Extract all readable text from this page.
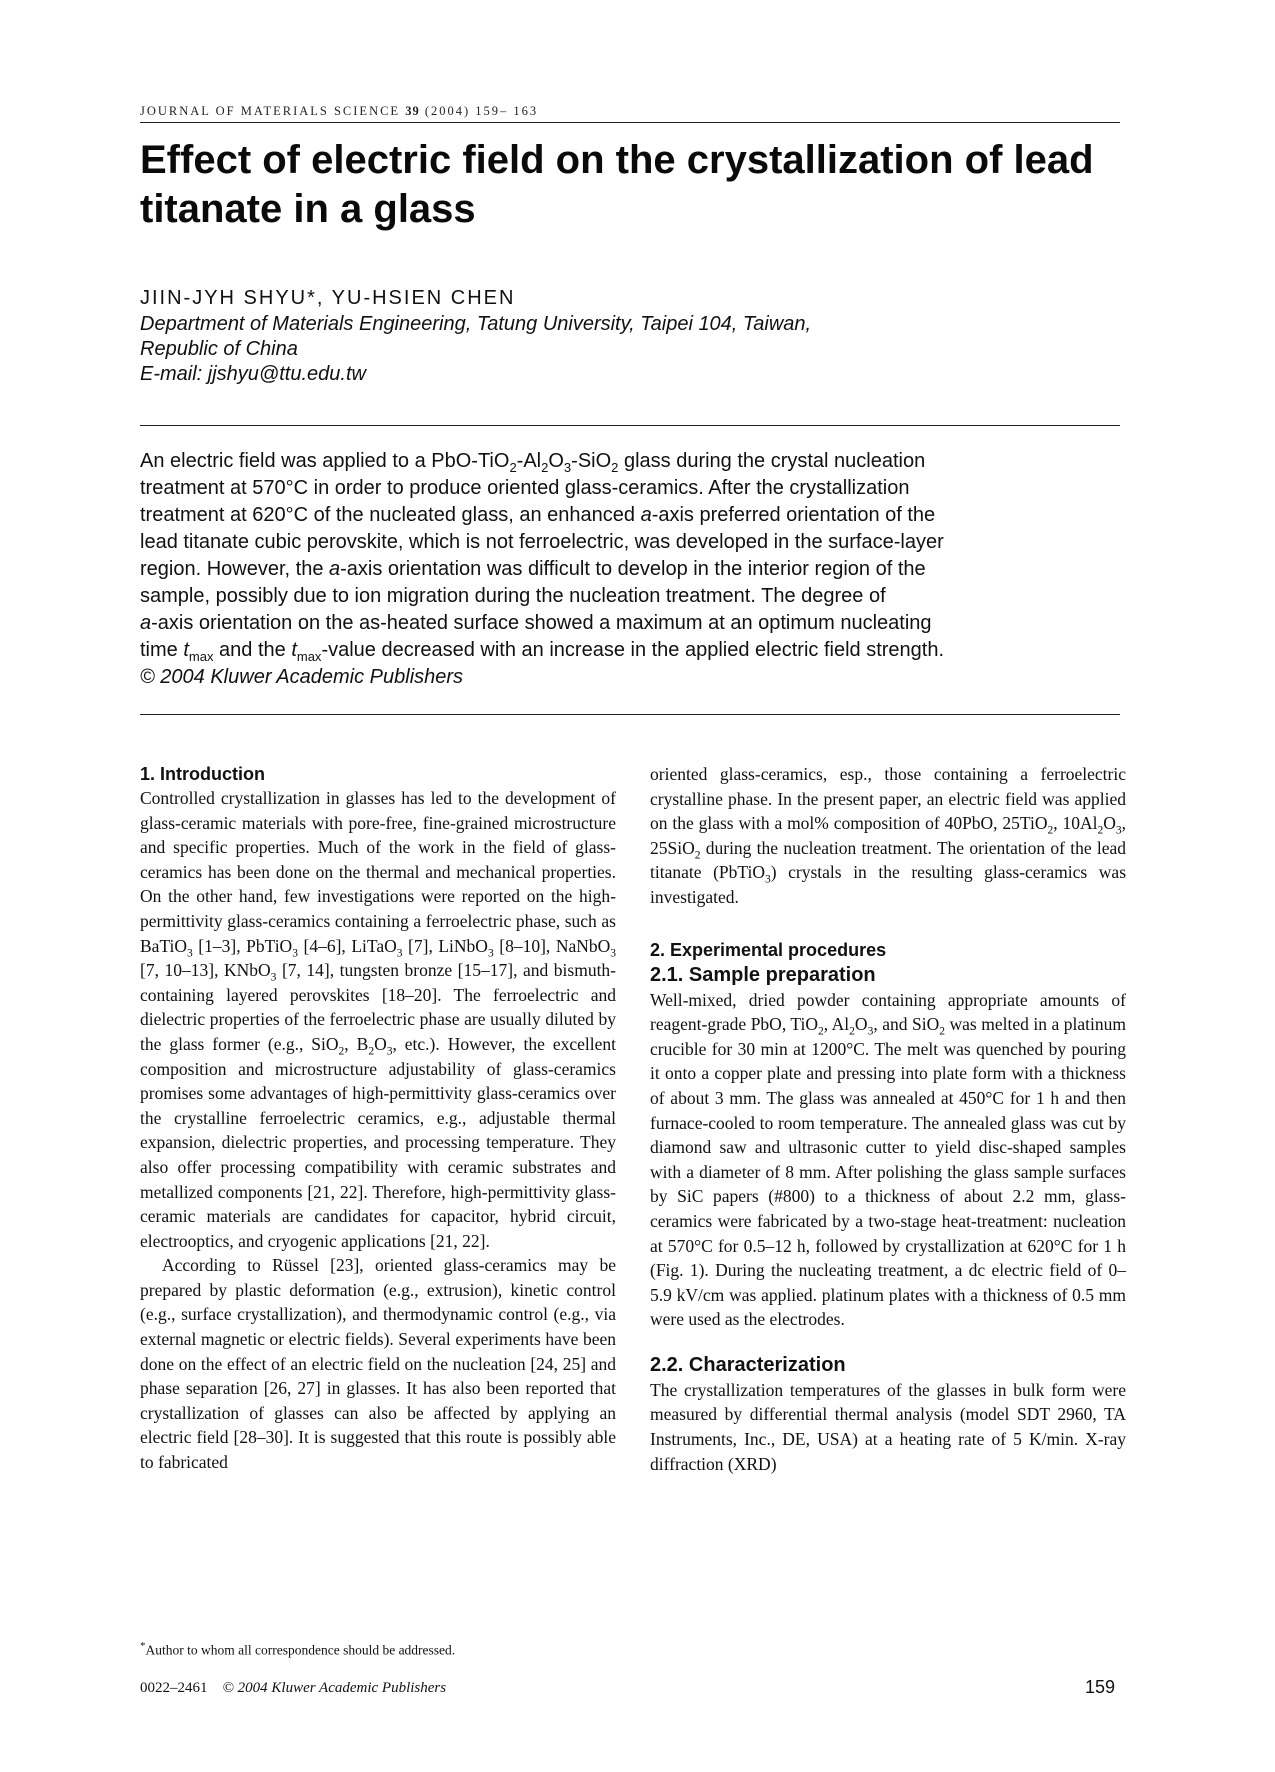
JOURNAL OF MATERIALS SCIENCE 39 (2004) 159– 163
Effect of electric field on the crystallization of lead titanate in a glass
JIIN-JYH SHYU*, YU-HSIEN CHEN
Department of Materials Engineering, Tatung University, Taipei 104, Taiwan,
Republic of China
E-mail: jjshyu@ttu.edu.tw
An electric field was applied to a PbO-$TiO_2-Al_2O_3-SiO_2$ glass during the crystal nucleation
treatment at 570°C in order to produce oriented glass-ceramics. After the crystallization
treatment at 620°C of the nucleated glass, an enhanced a-axis preferred orientation of the
lead titanate cubic perovskite, which is not ferroelectric, was developed in the surface-layer
region. However, the a-axis orientation was difficult to develop in the interior region of the
sample, possibly due to ion migration during the nucleation treatment. The degree of
a-axis orientation on the as-heated surface showed a maximum at an optimum nucleating
time $t_{max}$ and the $t_{max}$-value decreased with an increase in the applied electric field strength.
© 2004 Kluwer Academic Publishers
1. Introduction

Controlled crystallization in glasses has led to the development of glass-ceramic materials with pore-free, fine-grained microstructure and specific properties. Much of the work in the field of glass-ceramics has been done on the thermal and mechanical properties. On the other hand, few investigations were reported on the high-permittivity glass-ceramics containing a ferroelectric phase, such as BaTiO$_3$ [1–3], PbTiO$_3$ [4–6], LiTaO$_3$ [7], LiNbO$_3$ [8–10], NaNbO$_3$ [7, 10–13], KNbO$_3$ [7, 14], tungsten bronze [15–17], and bismuth-containing layered perovskites [18–20]. The ferroelectric and dielectric properties of the ferroelectric phase are usually diluted by the glass former (e.g., SiO$_2$, $B_2O_3$, etc.). However, the excellent composition and microstructure adjustability of glass-ceramics promises some advantages of high-permittivity glass-ceramics over the crystalline ferroelectric ceramics, e.g., adjustable thermal expansion, dielectric properties, and processing temperature. They also offer processing compatibility with ceramic substrates and metallized components [21, 22]. Therefore, high-permittivity glass-ceramic materials are candidates for capacitor, hybrid circuit, electrooptics, and cryogenic applications [21, 22].

According to Rüssel [23], oriented glass-ceramics may be prepared by plastic deformation (e.g., extrusion), kinetic control (e.g., surface crystallization), and thermodynamic control (e.g., via external magnetic or electric fields). Several experiments have been done on the effect of an electric field on the nucleation [24, 25] and phase separation [26, 27] in glasses. It has also been reported that crystallization of glasses can also be affected by applying an electric field [28–30]. It is suggested that this route is possibly able to fabricated

oriented glass-ceramics, esp., those containing a ferroelectric crystalline phase. In the present paper, an electric field was applied on the glass with a mol% composition of 40PbO, 25TiO$_2$, $10Al_2O_3$, 25SiO$_2$ during the nucleation treatment. The orientation of the lead titanate (PbTiO$_3$) crystals in the resulting glass-ceramics was investigated.

2. Experimental procedures
2.1. Sample preparation

Well-mixed, dried powder containing appropriate amounts of reagent-grade PbO, TiO$_2$, $Al_2O_3$, and SiO$_2$ was melted in a platinum crucible for 30 min at 1200°C. The melt was quenched by pouring it onto a copper plate and pressing into plate form with a thickness of about 3 mm. The glass was annealed at 450°C for 1 h and then furnace-cooled to room temperature. The annealed glass was cut by diamond saw and ultrasonic cutter to yield disc-shaped samples with a diameter of 8 mm. After polishing the glass sample surfaces by SiC papers (#800) to a thickness of about 2.2 mm, glass-ceramics were fabricated by a two-stage heat-treatment: nucleation at 570°C for 0.5–12 h, followed by crystallization at 620°C for 1 h (Fig. 1). During the nucleating treatment, a dc electric field of 0–5.9 kV/cm was applied. platinum plates with a thickness of 0.5 mm were used as the electrodes.

2.2. Characterization

The crystallization temperatures of the glasses in bulk form were measured by differential thermal analysis (model SDT 2960, TA Instruments, Inc., DE, USA) at a heating rate of 5 K/min. X-ray diffraction (XRD)

*Author to whom all correspondence should be addressed.
0022–2461 © 2004 Kluwer Academic Publishers	159
